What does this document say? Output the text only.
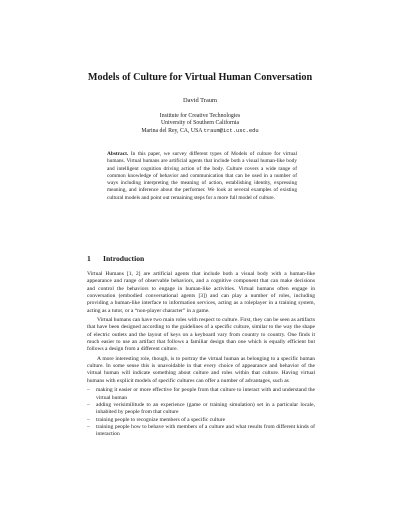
Models of Culture for Virtual Human Conversation
David Traum
Institute for Creative Technologies
University of Southern California
Marina del Rey, CA, USA traum@ict.usc.edu
Abstract. In this paper, we survey different types of Models of culture for virtual humans. Virtual humans are artificial agents that include both a visual human-like body and intelligent cognition driving action of the body. Culture covers a wide range of common knowledge of behavior and communication that can be used in a number of ways including interpreting the meaning of action, establishing identity, expressing meaning, and inference about the performer. We look at several examples of existing cultural models and point out remaining steps for a more full model of culture.
1 Introduction

Virtual Humans [1, 2] are artificial agents that include both a visual body with a human-like appearance and range of observable behaviors, and a cognitive component that can make decisions and control the behaviors to engage in human-like activities. Virtual humans often engage in conversation (embodied conversational agents [3]) and can play a number of roles, including providing a human-like interface to information services, acting as a roleplayer in a training system, acting as a tutor, or a “non-player character” in a game.

Virtual humans can have two main roles with respect to culture. First, they can be seen as artifacts that have been designed according to the guidelines of a specific culture, similar to the way the shape of electric outlets and the layout of keys on a keyboard vary from country to country. One finds it much easier to use an artifact that follows a familiar design than one which is equally efficient but follows a design from a different culture.

A more interesting role, though, is to portray the virtual human as belonging to a specific human culture. In some sense this is unavoidable in that every choice of appearance and behavior of the virtual human will indicate something about culture and roles within that culture. Having virtual humans with explicit models of specific cultures can offer a number of advantages, such as

– making it easier or more effective for people from that culture to interact with and understand the virtual human
– adding verisimilitude to an experience (game or training simulation) set in a particular locale, inhabited by people from that culture
– training people to recognize members of a specific culture
– training people how to behave with members of a culture and what results from different kinds of interaction
